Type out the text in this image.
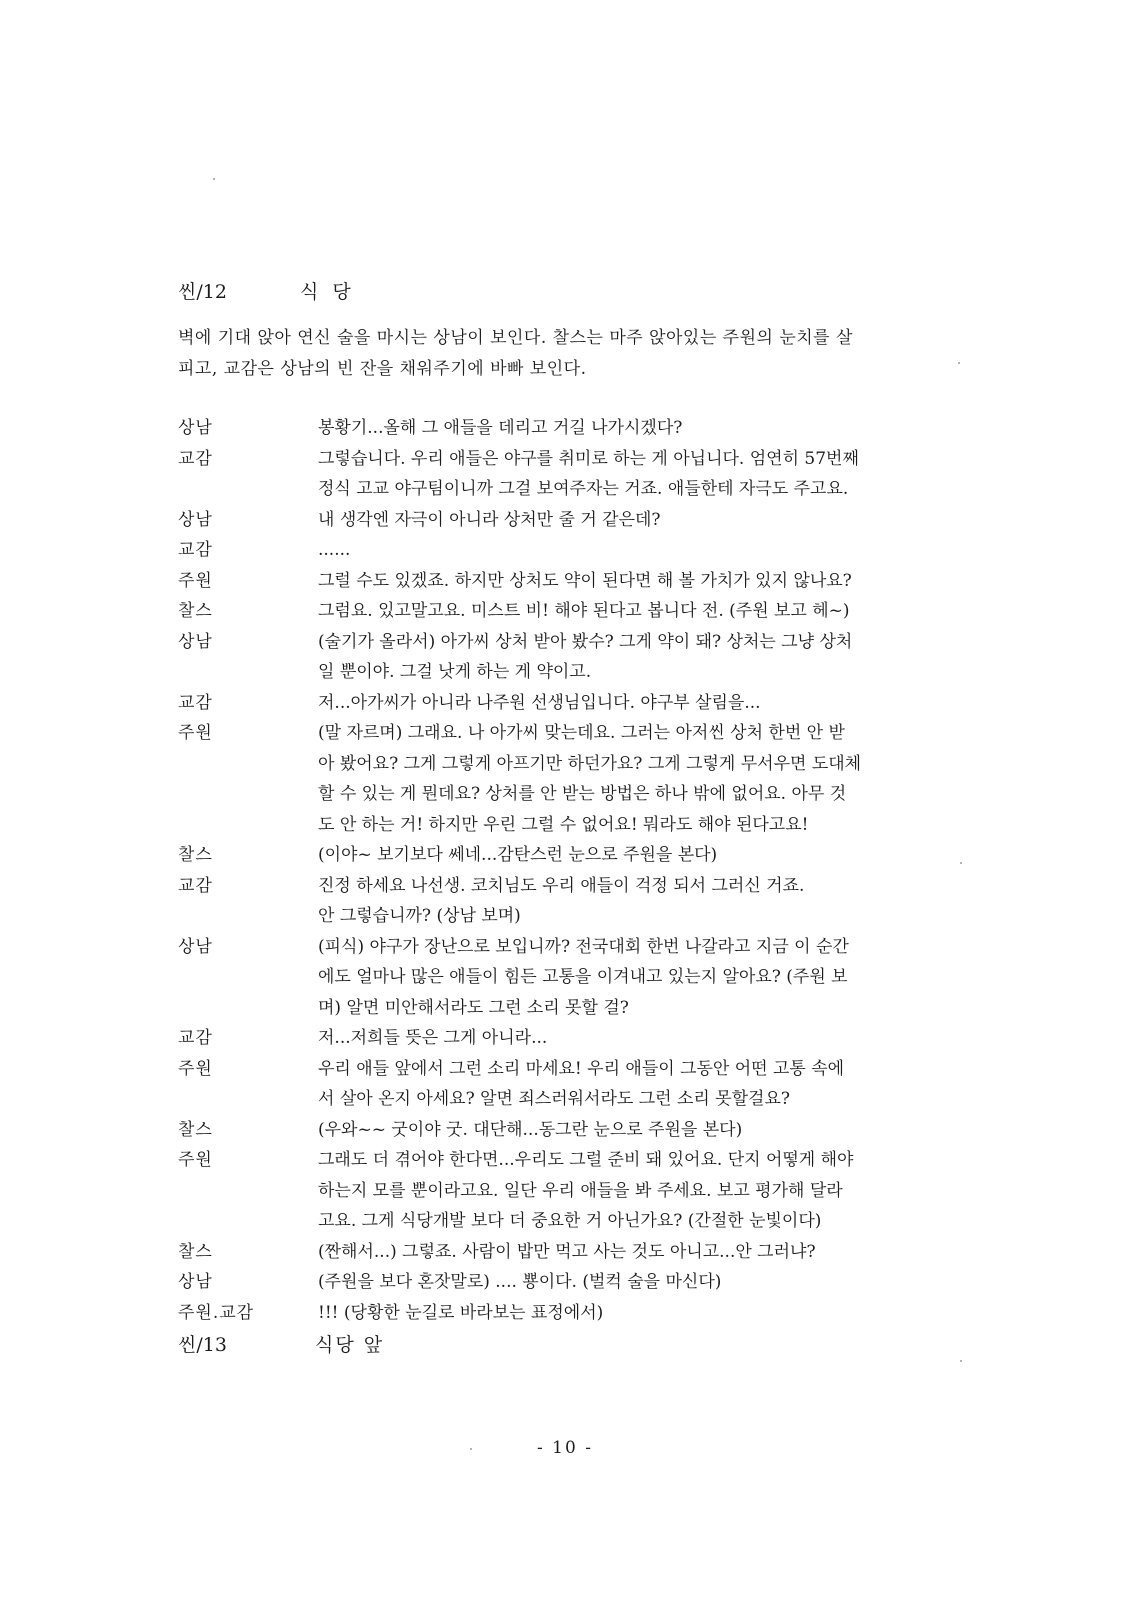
씬/12	식 당
벽에 기대 앉아 연신 술을 마시는 상남이 보인다. 찰스는 마주 앉아있는 주원의 눈치를 살
피고, 교감은 상남의 빈 잔을 채워주기에 바빠 보인다.
상남	봉황기...올해 그 애들을 데리고 거길 나가시겠다?
교감	그렇습니다. 우리 애들은 야구를 취미로 하는 게 아닙니다. 엄연히 57번째
정식 고교 야구팀이니까 그걸 보여주자는 거죠. 애들한테 자극도 주고요.
상남	내 생각엔 자극이 아니라 상처만 줄 거 같은데?
교감	......
주원	그럴 수도 있겠죠. 하지만 상처도 약이 된다면 해 볼 가치가 있지 않나요?
찰스	그럼요. 있고말고요. 미스트 비! 해야 된다고 봅니다 전. (주원 보고 헤~)
상남	(술기가 올라서) 아가씨 상처 받아 봤수? 그게 약이 돼? 상처는 그냥 상처
일 뿐이야. 그걸 낫게 하는 게 약이고.
교감	저...아가씨가 아니라 나주원 선생님입니다. 야구부 살림을...
주원	(말 자르며) 그래요. 나 아가씨 맞는데요. 그러는 아저씬 상처 한번 안 받
아 봤어요? 그게 그렇게 아프기만 하던가요? 그게 그렇게 무서우면 도대체
할 수 있는 게 뭔데요? 상처를 안 받는 방법은 하나 밖에 없어요. 아무 것
도 안 하는 거! 하지만 우린 그럴 수 없어요! 뭐라도 해야 된다고요!
찰스	(이야~ 보기보다 쎄네...감탄스런 눈으로 주원을 본다)
교감	진정 하세요 나선생. 코치님도 우리 애들이 걱정 되서 그러신 거죠.
안 그렇습니까? (상남 보며)
상남	(피식) 야구가 장난으로 보입니까? 전국대회 한번 나갈라고 지금 이 순간
에도 얼마나 많은 애들이 힘든 고통을 이겨내고 있는지 알아요? (주원 보
며) 알면 미안해서라도 그런 소리 못할 걸?
교감	저...저희들 뜻은 그게 아니라...
주원	우리 애들 앞에서 그런 소리 마세요! 우리 애들이 그동안 어떤 고통 속에
서 살아 온지 아세요? 알면 죄스러워서라도 그런 소리 못할걸요?
찰스	(우와~~ 굿이야 굿. 대단해...동그란 눈으로 주원을 본다)
주원	그래도 더 겪어야 한다면...우리도 그럴 준비 돼 있어요. 단지 어떻게 해야
하는지 모를 뿐이라고요. 일단 우리 애들을 봐 주세요. 보고 평가해 달라
고요. 그게 식당개발 보다 더 중요한 거 아닌가요? (간절한 눈빛이다)
찰스	(짠해서...) 그렇죠. 사람이 밥만 먹고 사는 것도 아니고...안 그러냐?
상남	(주원을 보다 혼잣말로) .... 뿅이다. (벌컥 술을 마신다)
주원.교감	!!! (당황한 눈길로 바라보는 표정에서)
씬/13	식당 앞
- 10 -
